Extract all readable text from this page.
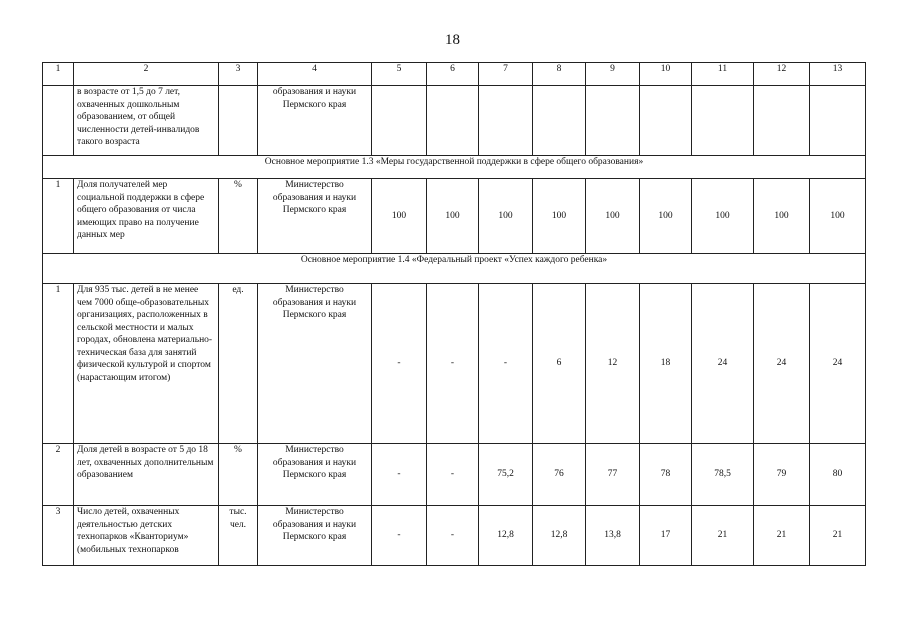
18
1	2	3	4	5	6	7	8	9	10	11	12	13
	в возрасте от 1,5 до 7 лет, охваченных дошкольным образованием, от общей численности детей-инвалидов такого возраста		образования и науки Пермского края									
Основное мероприятие 1.3 «Меры государственной поддержки в сфере общего образования»												
1	Доля получателей мер социальной поддержки в сфере общего образования от числа имеющих право на получение данных мер	%	Министерство образования и науки Пермского края	100	100	100	100	100	100	100	100	100
Основное мероприятие 1.4 «Федеральный проект «Успех каждого ребенка»												
1	Для 935 тыс. детей в не менее чем 7000 обще-образовательных организациях, расположенных в сельской местности и малых городах, обновлена материально-техническая база для занятий физической культурой и спортом (нарастающим итогом)	ед.	Министерство образования и науки Пермского края	-	-	-	6	12	18	24	24	24
2	Доля детей в возрасте от 5 до 18 лет, охваченных дополнительным образованием	%	Министерство образования и науки Пермского края	-	-	75,2	76	77	78	78,5	79	80
3	Число детей, охваченных деятельностью детских технопарков «Кванториум» (мобильных технопарков	тыс. чел.	Министерство образования и науки Пермского края	-	-	12,8	12,8	13,8	17	21	21	21
